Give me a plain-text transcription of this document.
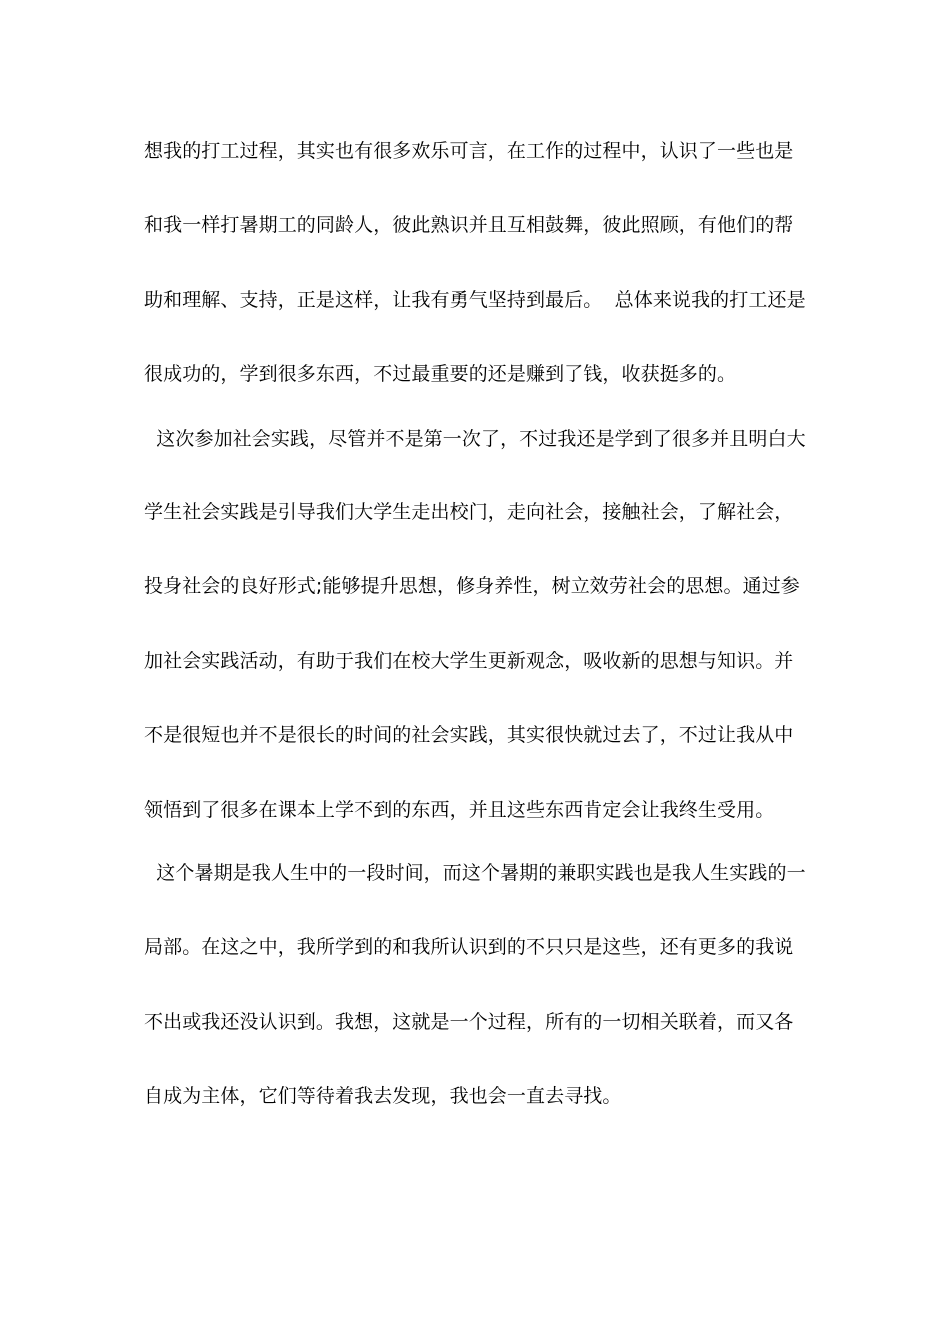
想我的打工过程，其实也有很多欢乐可言，在工作的过程中，认识了一些也是
和我一样打暑期工的同龄人，彼此熟识并且互相鼓舞，彼此照顾，有他们的帮
助和理解、支持，正是这样，让我有勇气坚持到最后。  总体来说我的打工还是
很成功的，学到很多东西，不过最重要的还是赚到了钱，收获挺多的。
这次参加社会实践，尽管并不是第一次了，不过我还是学到了很多并且明白大
学生社会实践是引导我们大学生走出校门，走向社会，接触社会，了解社会，
投身社会的良好形式;能够提升思想，修身养性，树立效劳社会的思想。通过参
加社会实践活动，有助于我们在校大学生更新观念，吸收新的思想与知识。并
不是很短也并不是很长的时间的社会实践，其实很快就过去了，不过让我从中
领悟到了很多在课本上学不到的东西，并且这些东西肯定会让我终生受用。
这个暑期是我人生中的一段时间，而这个暑期的兼职实践也是我人生实践的一
局部。在这之中，我所学到的和我所认识到的不只只是这些，还有更多的我说
不出或我还没认识到。我想，这就是一个过程，所有的一切相关联着，而又各
自成为主体，它们等待着我去发现，我也会一直去寻找。
